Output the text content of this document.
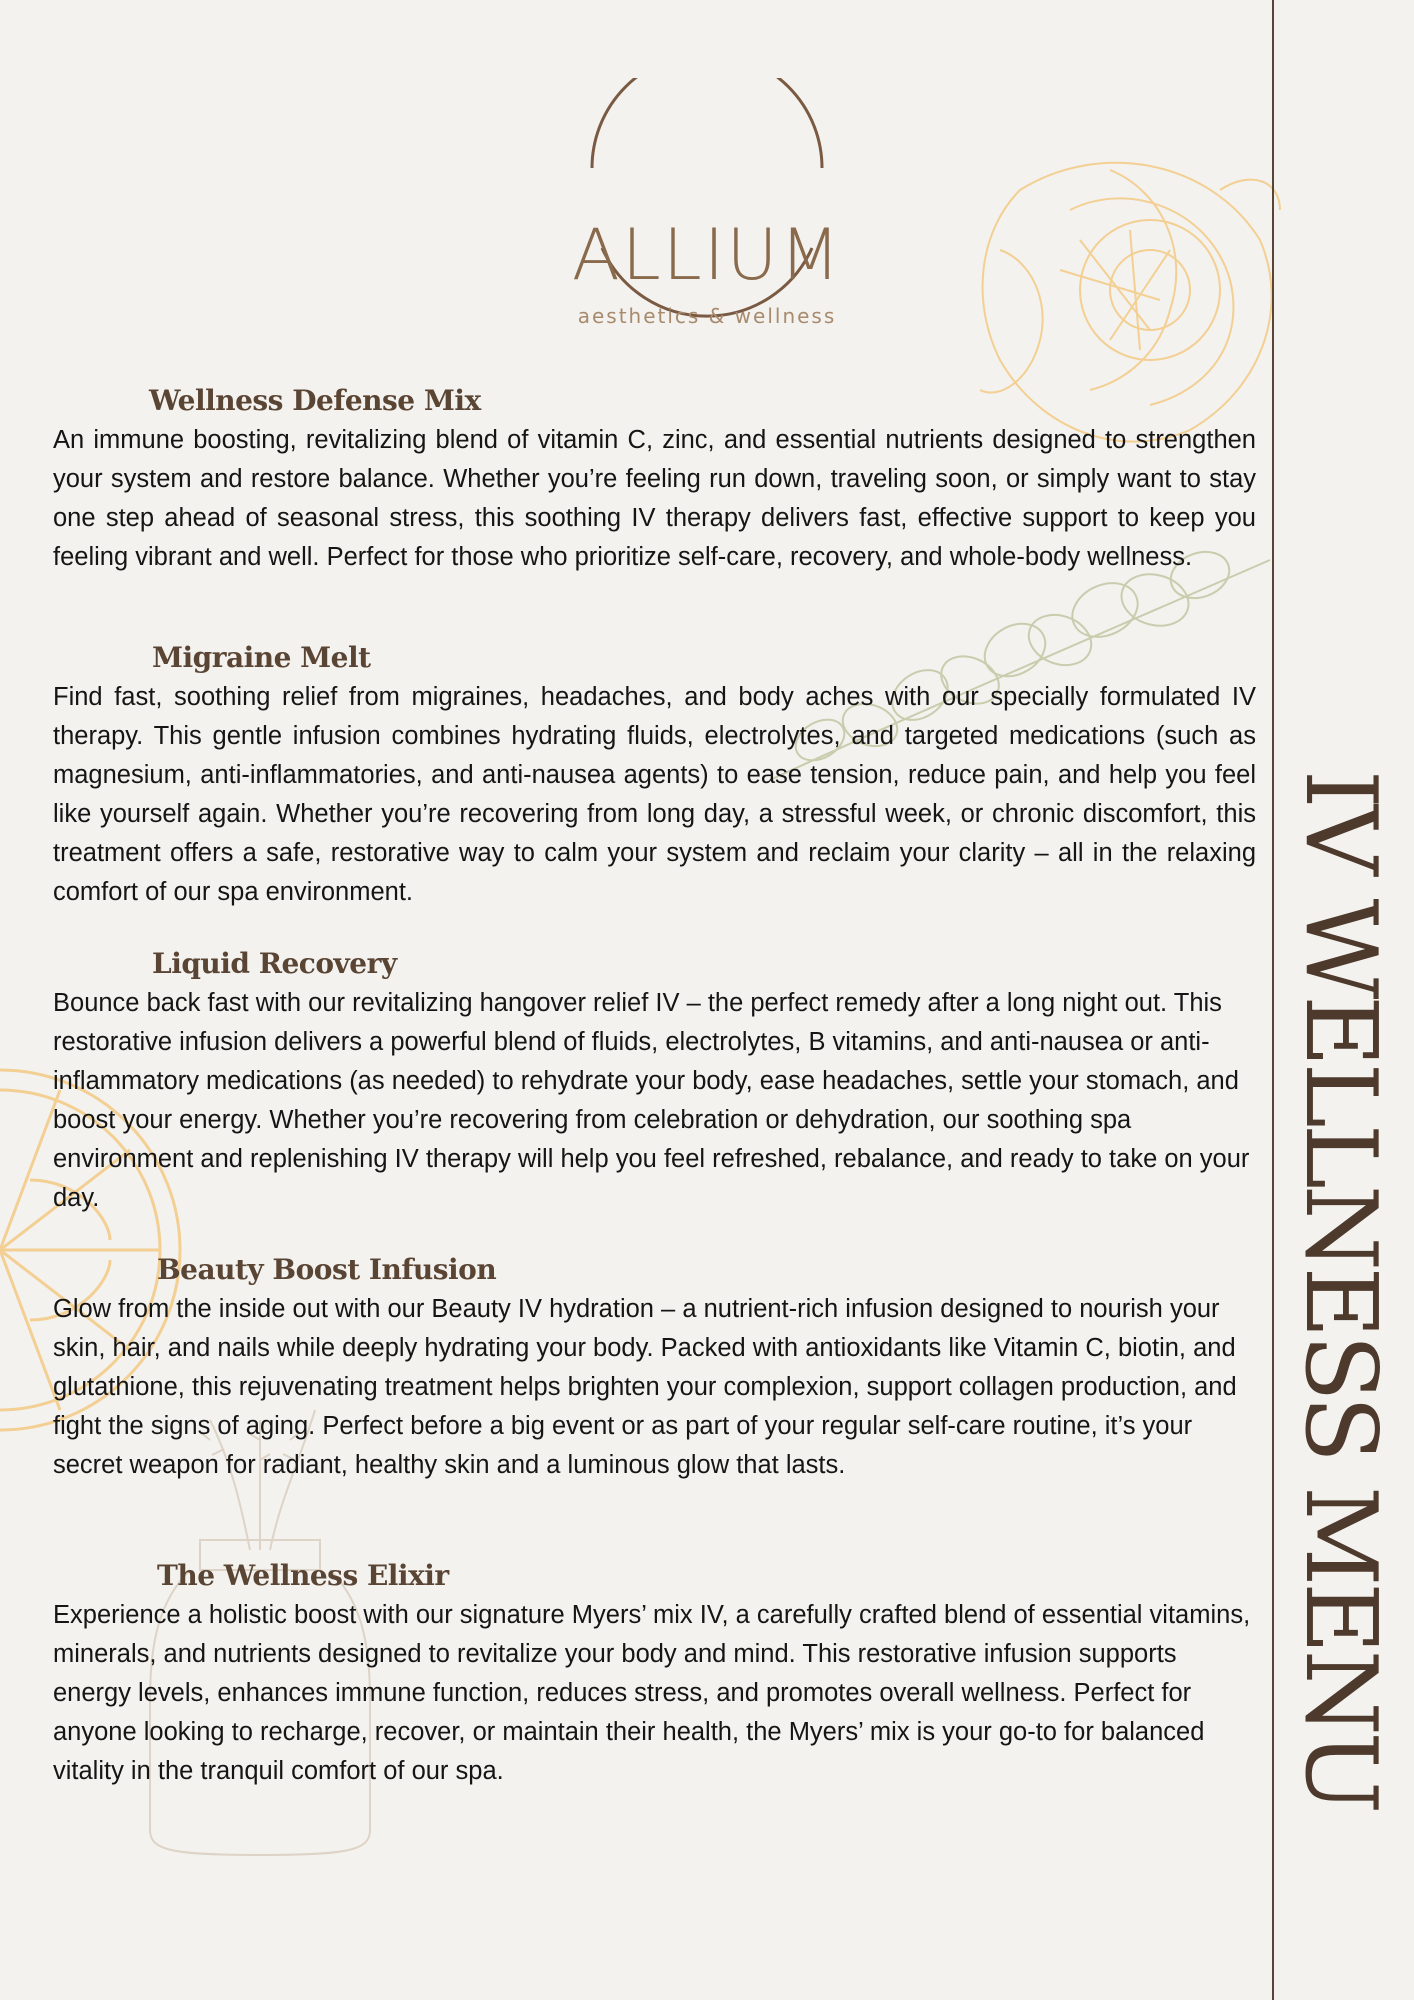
ALLIUM
aesthetics & wellness
IV WELLNESS MENU
Wellness Defense Mix

An immune boosting, revitalizing blend of vitamin C, zinc, and essential nutrients designed to strengthen your system and restore balance. Whether you’re feeling run down, traveling soon, or simply want to stay one step ahead of seasonal stress, this soothing IV therapy delivers fast, effective support to keep you feeling vibrant and well. Perfect for those who prioritize self-care, recovery, and whole-body wellness.

Migraine Melt

Find fast, soothing relief from migraines, headaches, and body aches with our specially formulated IV therapy. This gentle infusion combines hydrating fluids, electrolytes, and targeted medications (such as magnesium, anti-inflammatories, and anti-nausea agents) to ease tension, reduce pain, and help you feel like yourself again. Whether you’re recovering from long day, a stressful week, or chronic discomfort, this treatment offers a safe, restorative way to calm your system and reclaim your clarity – all in the relaxing comfort of our spa environment.

Liquid Recovery

Bounce back fast with our revitalizing hangover relief IV – the perfect remedy after a long night out. This restorative infusion delivers a powerful blend of fluids, electrolytes, B vitamins, and anti-nausea or anti-inflammatory medications (as needed) to rehydrate your body, ease headaches, settle your stomach, and boost your energy. Whether you’re recovering from celebration or dehydration, our soothing spa environment and replenishing IV therapy will help you feel refreshed, rebalance, and ready to take on your day.

Beauty Boost Infusion

Glow from the inside out with our Beauty IV hydration – a nutrient-rich infusion designed to nourish your skin, hair, and nails while deeply hydrating your body. Packed with antioxidants like Vitamin C, biotin, and glutathione, this rejuvenating treatment helps brighten your complexion, support collagen production, and fight the signs of aging. Perfect before a big event or as part of your regular self-care routine, it’s your secret weapon for radiant, healthy skin and a luminous glow that lasts.

The Wellness Elixir

Experience a holistic boost with our signature Myers’ mix IV, a carefully crafted blend of essential vitamins, minerals, and nutrients designed to revitalize your body and mind. This restorative infusion supports energy levels, enhances immune function, reduces stress, and promotes overall wellness. Perfect for anyone looking to recharge, recover, or maintain their health, the Myers’ mix is your go-to for balanced vitality in the tranquil comfort of our spa.
